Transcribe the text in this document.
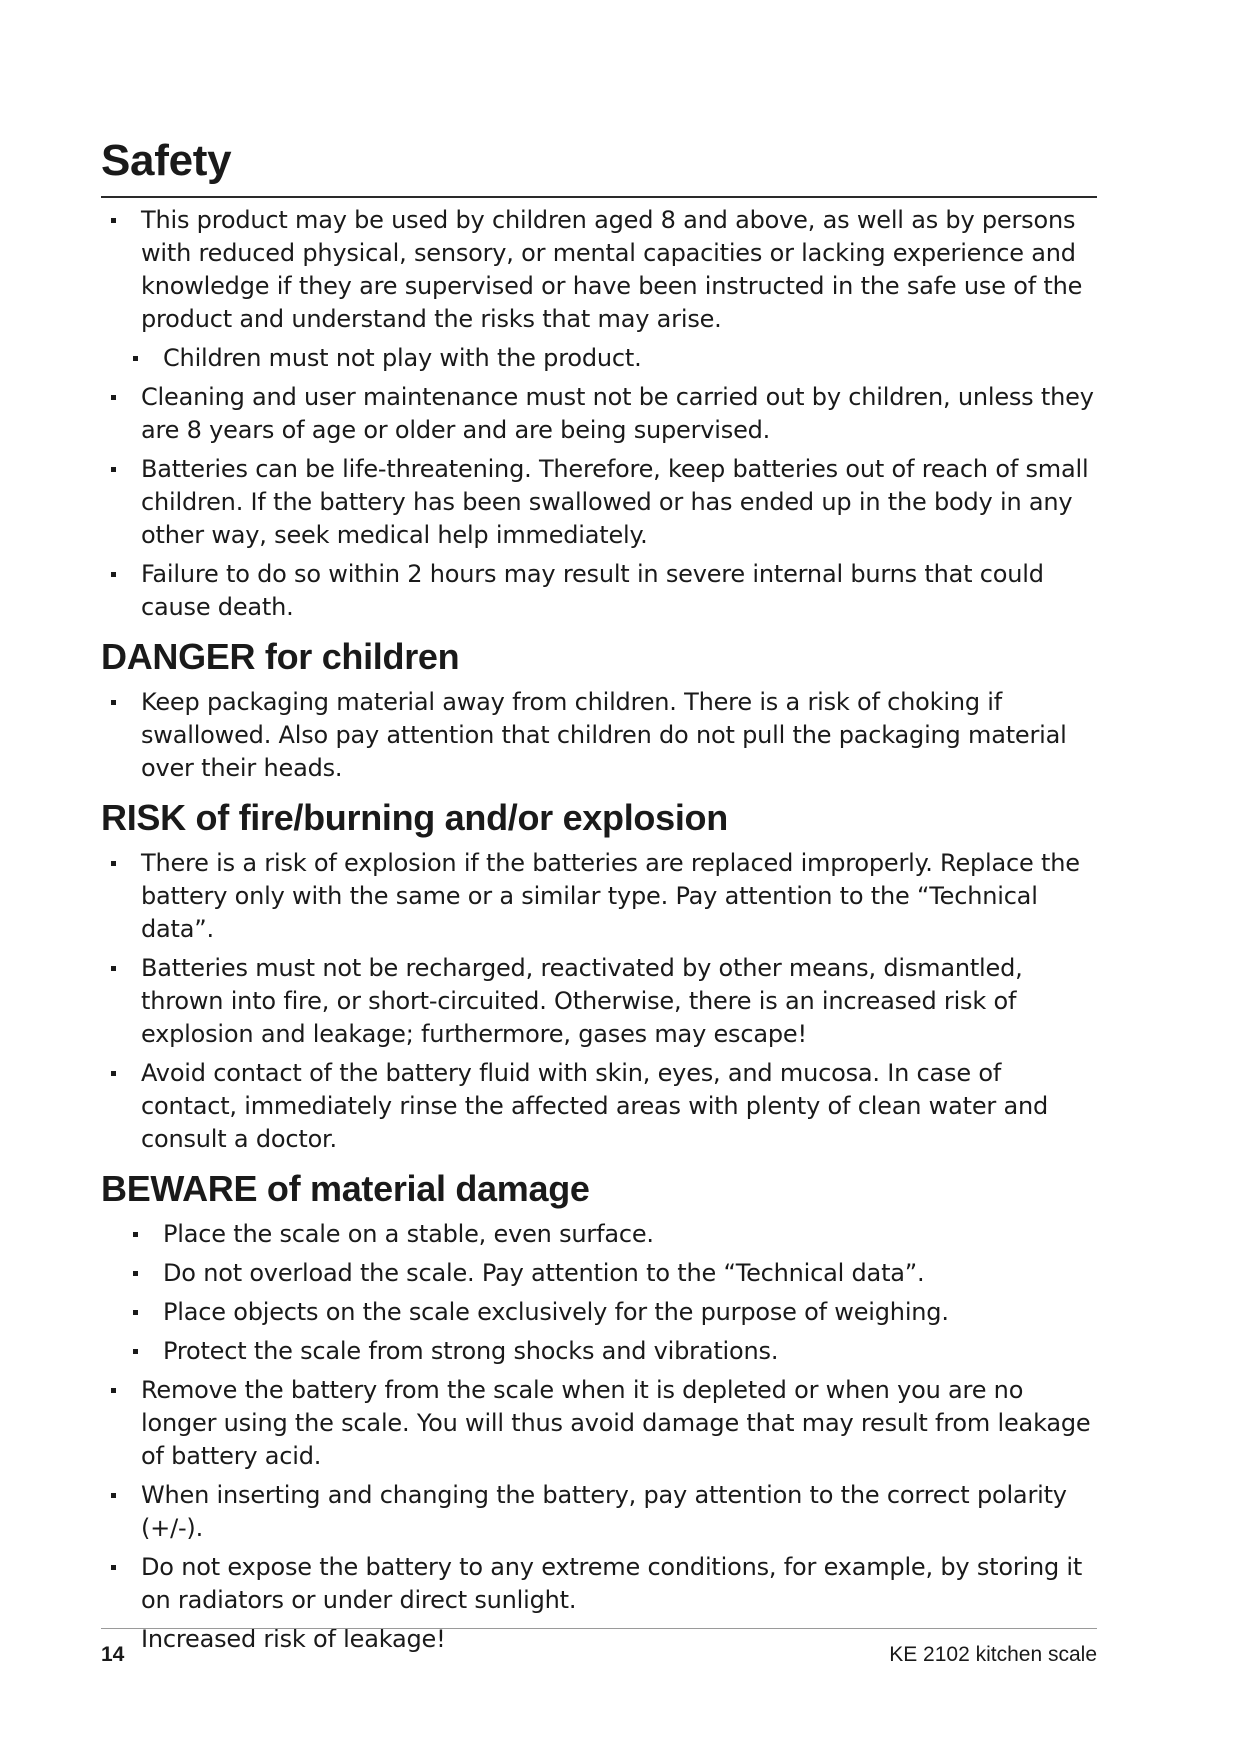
Safety
This product may be used by children aged 8 and above, as well as by persons with reduced physical, sensory, or mental capacities or lacking experience and knowledge if they are supervised or have been instructed in the safe use of the product and understand the risks that may arise.
Children must not play with the product.
Cleaning and user maintenance must not be carried out by children, unless they are 8 years of age or older and are being supervised.
Batteries can be life-threatening. Therefore, keep batteries out of reach of small children. If the battery has been swallowed or has ended up in the body in any other way, seek medical help immediately.
Failure to do so within 2 hours may result in severe internal burns that could cause death.
DANGER for children
Keep packaging material away from children. There is a risk of choking if swallowed. Also pay attention that children do not pull the packaging material over their heads.
RISK of fire/burning and/or explosion
There is a risk of explosion if the batteries are replaced improperly. Replace the battery only with the same or a similar type. Pay attention to the “Technical data”.
Batteries must not be recharged, reactivated by other means, dismantled, thrown into fire, or short-circuited. Otherwise, there is an increased risk of explosion and leakage; furthermore, gases may escape!
Avoid contact of the battery fluid with skin, eyes, and mucosa. In case of contact, immediately rinse the affected areas with plenty of clean water and consult a doctor.
BEWARE of material damage
Place the scale on a stable, even surface.
Do not overload the scale. Pay attention to the “Technical data”.
Place objects on the scale exclusively for the purpose of weighing.
Protect the scale from strong shocks and vibrations.
Remove the battery from the scale when it is depleted or when you are no longer using the scale. You will thus avoid damage that may result from leakage of battery acid.
When inserting and changing the battery, pay attention to the correct polarity (+/-).
Do not expose the battery to any extreme conditions, for example, by storing it on radiators or under direct sunlight.
Increased risk of leakage!
14	KE 2102 kitchen scale
